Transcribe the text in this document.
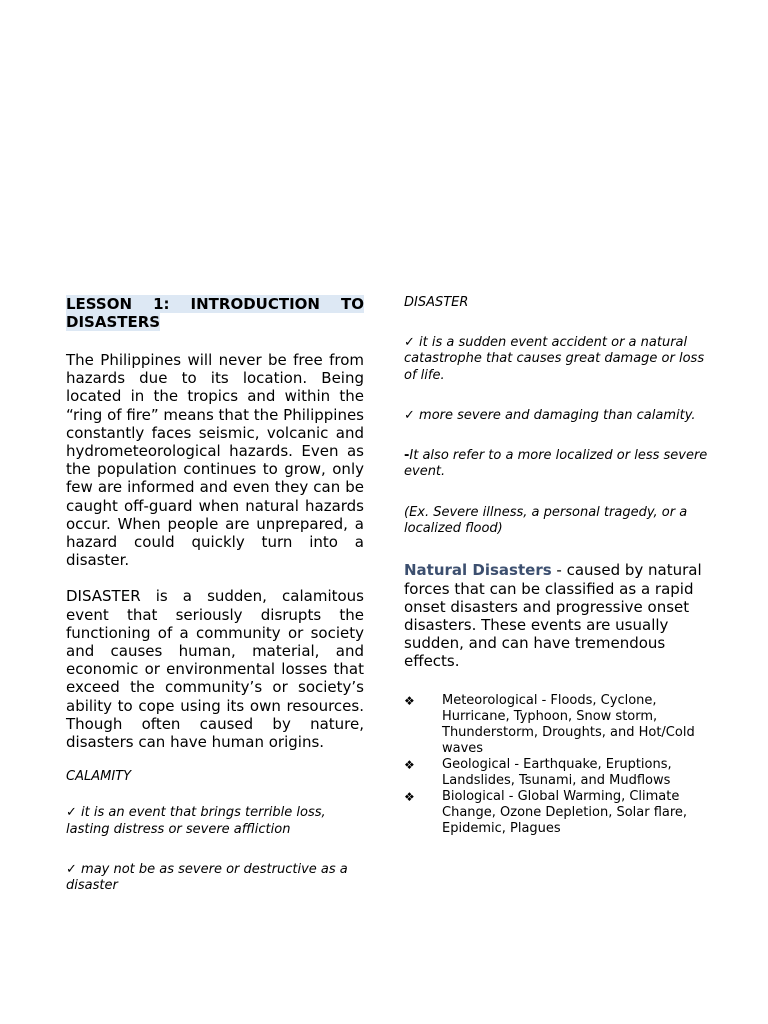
LESSON 1: INTRODUCTION TO DISASTERS

The Philippines will never be free from hazards due to its location. Being located in the tropics and within the “ring of fire” means that the Philippines constantly faces seismic, volcanic and hydrometeorological hazards. Even as the population continues to grow, only few are informed and even they can be caught off-guard when natural hazards occur. When people are unprepared, a hazard could quickly turn into a disaster.

DISASTER is a sudden, calamitous event that seriously disrupts the functioning of a community or society and causes human, material, and economic or environmental losses that exceed the community’s or society’s ability to cope using its own resources. Though often caused by nature, disasters can have human origins.

CALAMITY

✓ it is an event that brings terrible loss, lasting distress or severe affliction

✓ may not be as severe or destructive as a disaster

DISASTER

✓ it is a sudden event accident or a natural catastrophe that causes great damage or loss of life.

✓ more severe and damaging than calamity.

-It also refer to a more localized or less severe event.

(Ex. Severe illness, a personal tragedy, or a localized flood)

Natural Disasters - caused by natural forces that can be classified as a rapid onset disasters and progressive onset disasters. These events are usually sudden, and can have tremendous effects.

❖ Meteorological - Floods, Cyclone, Hurricane, Typhoon, Snow storm, Thunderstorm, Droughts, and Hot/Cold waves
❖ Geological - Earthquake, Eruptions, Landslides, Tsunami, and Mudflows
❖ Biological - Global Warming, Climate Change, Ozone Depletion, Solar flare, Epidemic, Plagues
